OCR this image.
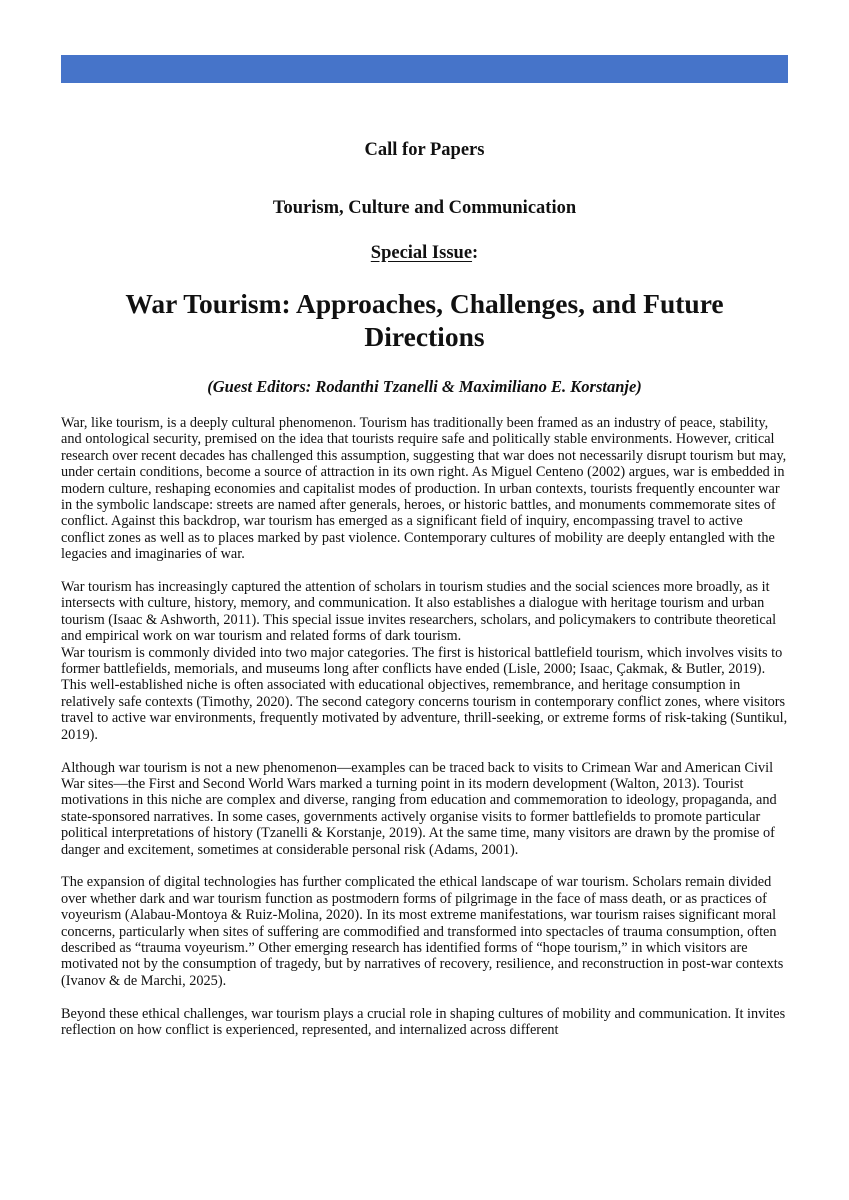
Call for Papers
Tourism, Culture and Communication
Special Issue:
War Tourism: Approaches, Challenges, and Future
Directions
(Guest Editors: Rodanthi Tzanelli & Maximiliano E. Korstanje)

War, like tourism, is a deeply cultural phenomenon. Tourism has traditionally been framed as an industry of peace, stability, and ontological security, premised on the idea that tourists require safe and politically stable environments. However, critical research over recent decades has challenged this assumption, suggesting that war does not necessarily disrupt tourism but may, under certain conditions, become a source of attraction in its own right. As Miguel Centeno (2002) argues, war is embedded in modern culture, reshaping economies and capitalist modes of production. In urban contexts, tourists frequently encounter war in the symbolic landscape: streets are named after generals, heroes, or historic battles, and monuments commemorate sites of conflict. Against this backdrop, war tourism has emerged as a significant field of inquiry, encompassing travel to active conflict zones as well as to places marked by past violence. Contemporary cultures of mobility are deeply entangled with the legacies and imaginaries of war.

War tourism has increasingly captured the attention of scholars in tourism studies and the social sciences more broadly, as it intersects with culture, history, memory, and communication. It also establishes a dialogue with heritage tourism and urban tourism (Isaac & Ashworth, 2011). This special issue invites researchers, scholars, and policymakers to contribute theoretical and empirical work on war tourism and related forms of dark tourism.

War tourism is commonly divided into two major categories. The first is historical battlefield tourism, which involves visits to former battlefields, memorials, and museums long after conflicts have ended (Lisle, 2000; Isaac, Çakmak, & Butler, 2019). This well-established niche is often associated with educational objectives, remembrance, and heritage consumption in relatively safe contexts (Timothy, 2020). The second category concerns tourism in contemporary conflict zones, where visitors travel to active war environments, frequently motivated by adventure, thrill-seeking, or extreme forms of risk-taking (Suntikul, 2019).

Although war tourism is not a new phenomenon—examples can be traced back to visits to Crimean War and American Civil War sites—the First and Second World Wars marked a turning point in its modern development (Walton, 2013). Tourist motivations in this niche are complex and diverse, ranging from education and commemoration to ideology, propaganda, and state-sponsored narratives. In some cases, governments actively organise visits to former battlefields to promote particular political interpretations of history (Tzanelli & Korstanje, 2019). At the same time, many visitors are drawn by the promise of danger and excitement, sometimes at considerable personal risk (Adams, 2001).

The expansion of digital technologies has further complicated the ethical landscape of war tourism. Scholars remain divided over whether dark and war tourism function as postmodern forms of pilgrimage in the face of mass death, or as practices of voyeurism (Alabau-Montoya & Ruiz-Molina, 2020). In its most extreme manifestations, war tourism raises significant moral concerns, particularly when sites of suffering are commodified and transformed into spectacles of trauma consumption, often described as “trauma voyeurism.” Other emerging research has identified forms of “hope tourism,” in which visitors are motivated not by the consumption of tragedy, but by narratives of recovery, resilience, and reconstruction in post-war contexts (Ivanov & de Marchi, 2025).

Beyond these ethical challenges, war tourism plays a crucial role in shaping cultures of mobility and communication. It invites reflection on how conflict is experienced, represented, and internalized across different
